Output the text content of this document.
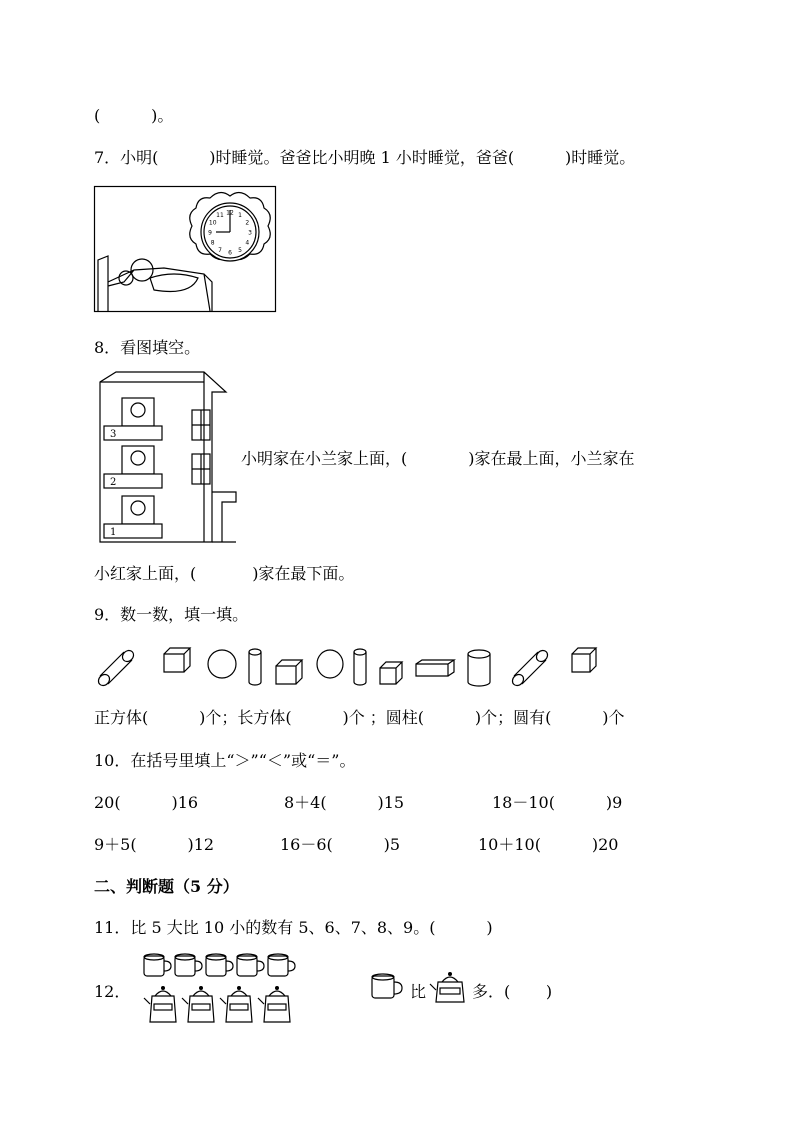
(          )。
7．小明(          )时睡觉。爸爸比小明晚 1 小时睡觉，爸爸(          )时睡觉。
12 1
2
3
4
5
6
7
8
9
10
11
8．看图填空。
3
2
1
小明家在小兰家上面，(            )家在最上面，小兰家在
小红家上面，(           )家在最下面。
9．数一数，填一填。
正方体(          )个；长方体(          )个 ；圆柱(          )个；圆有(          )个
10．在括号里填上“＞”“＜”或“＝”。
20(          )16	8＋4(          )15	18－10(          )9
9＋5(          )12	16－6(          )5	10＋10(          )20
二、判断题（5 分）
11．比 5 大比 10 小的数有 5、6、7、8、9。(          )
12．	比	多．(       )
